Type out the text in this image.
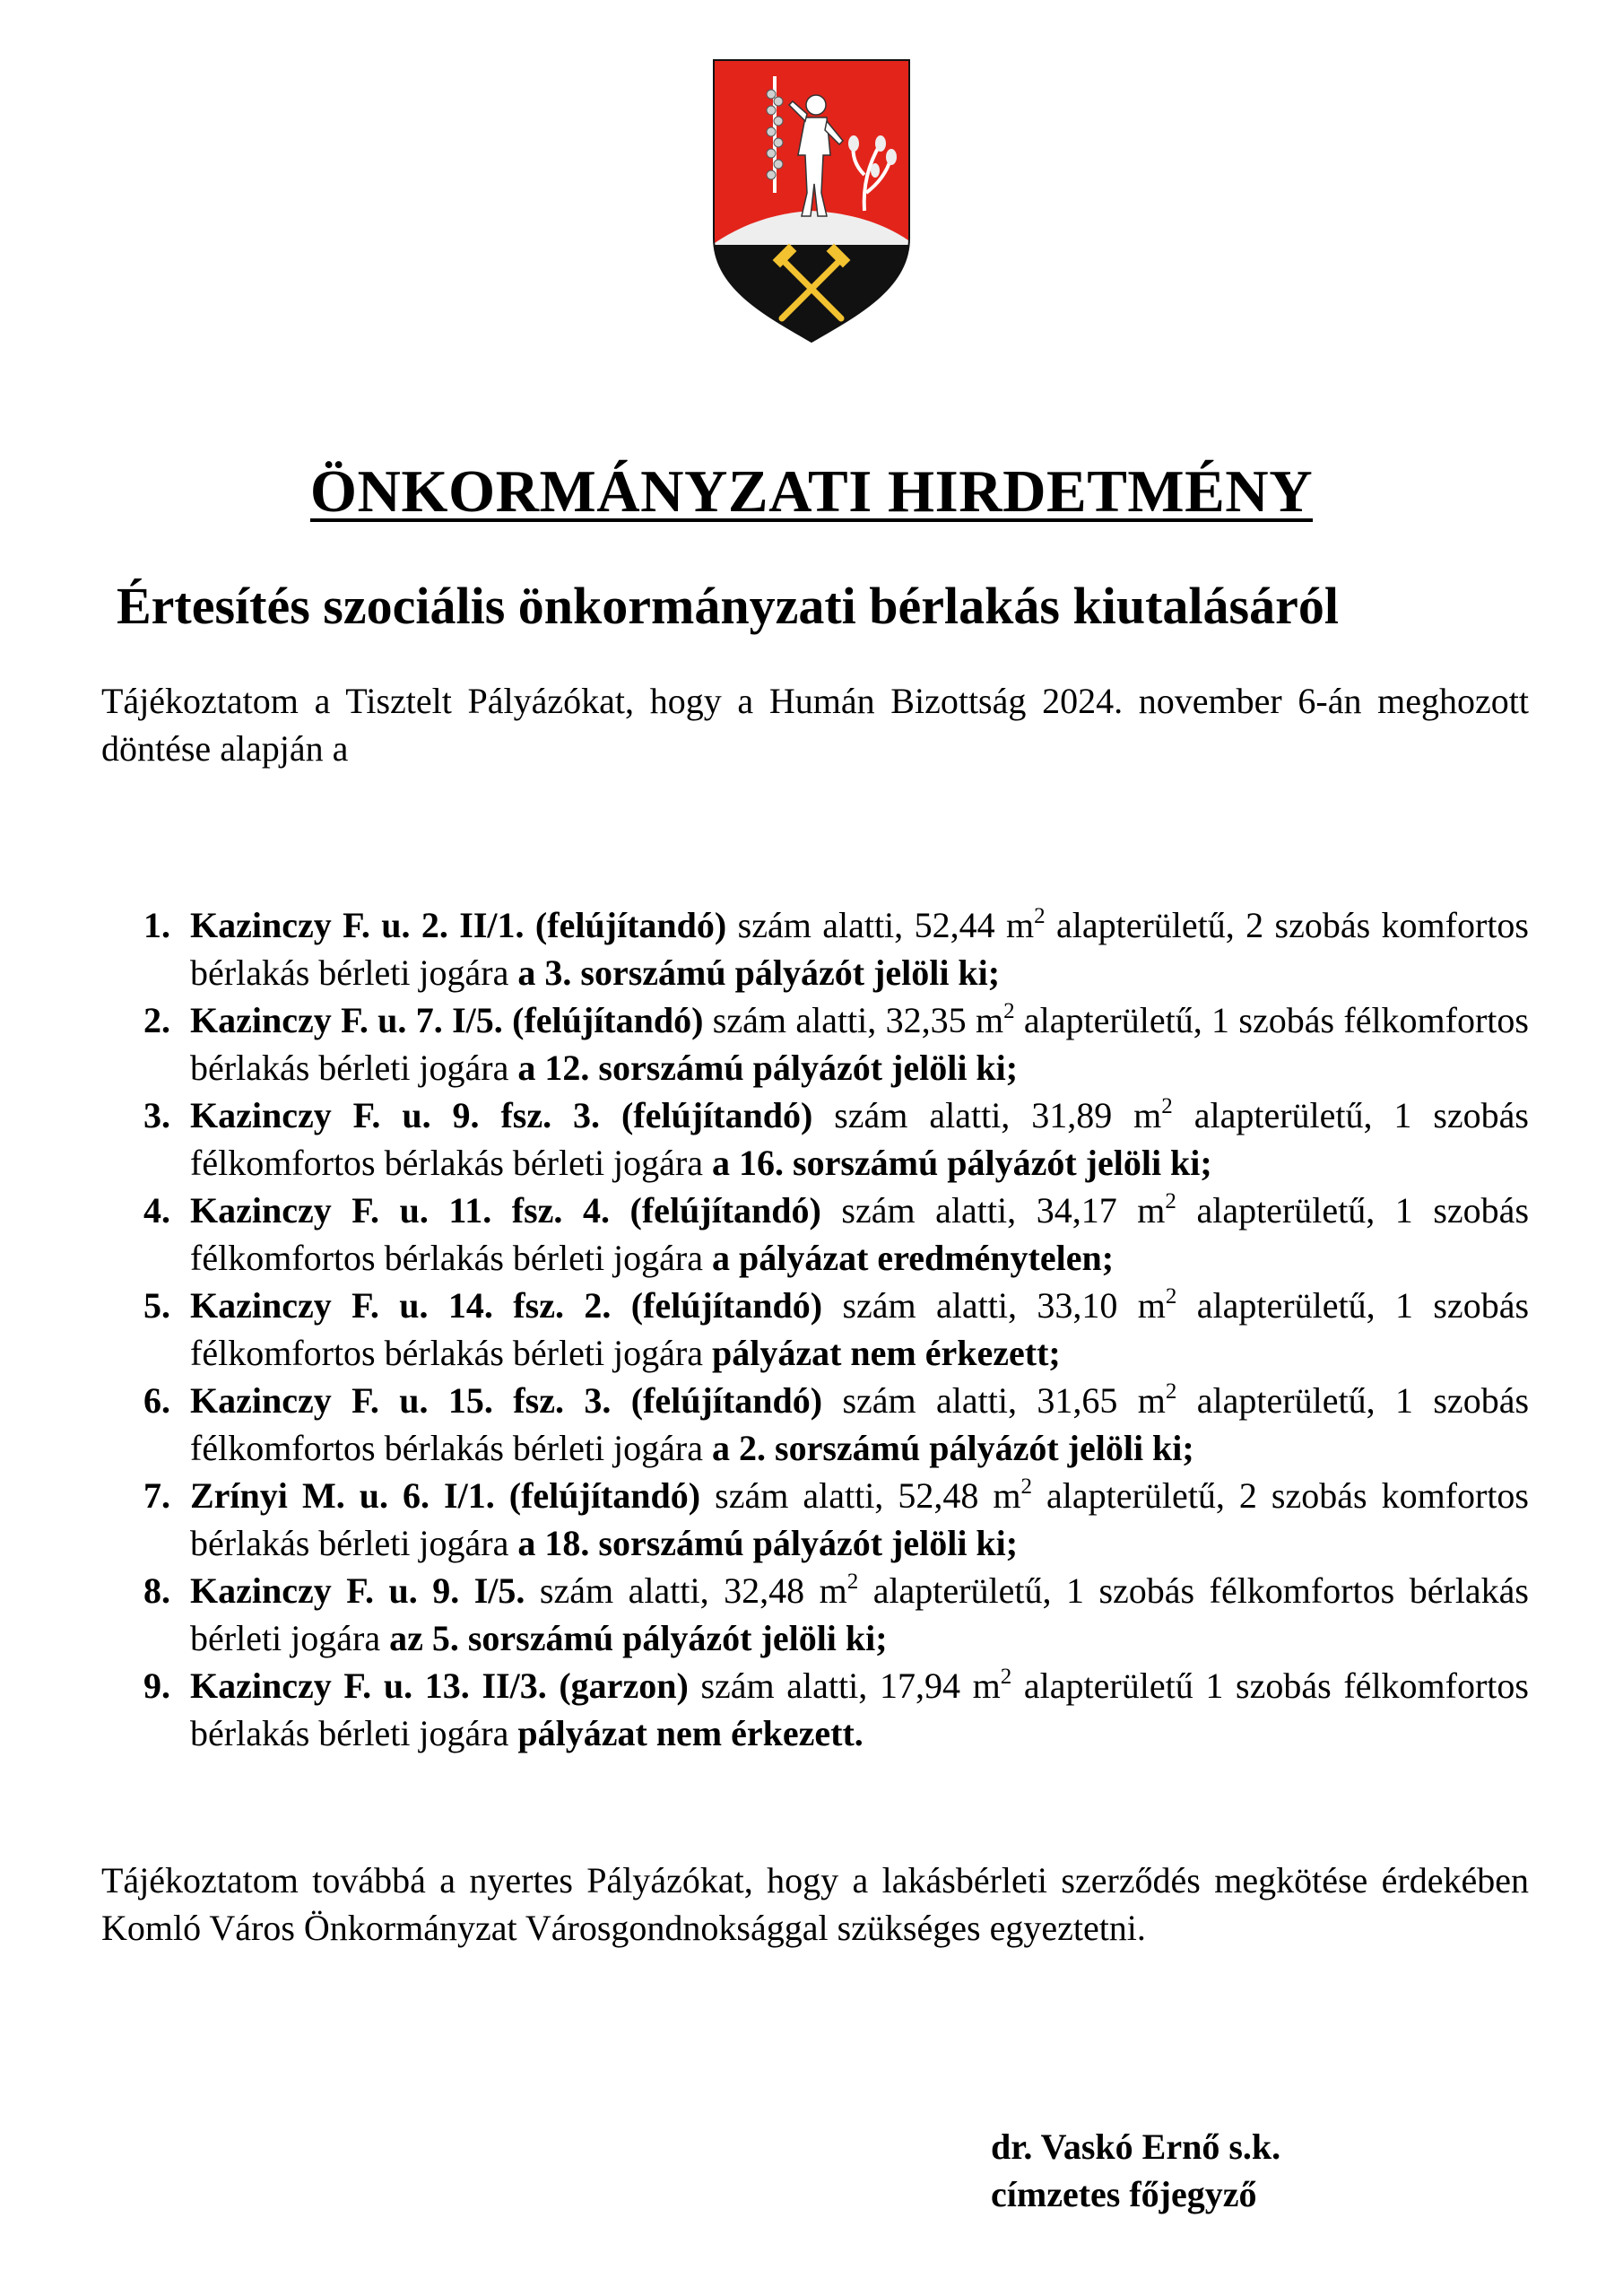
ÖNKORMÁNYZATI HIRDETMÉNY
Értesítés szociális önkormányzati bérlakás kiutalásáról

Tájékoztatom a Tisztelt Pályázókat, hogy a Humán Bizottság 2024. november 6-án meghozott döntése alapján a

1. Kazinczy F. u. 2. II/1. (felújítandó) szám alatti, 52,44 $m^2$ alapterületű, 2 szobás komfortos bérlakás bérleti jogára a 3. sorszámú pályázót jelöli ki;
2. Kazinczy F. u. 7. I/5. (felújítandó) szám alatti, 32,35 $m^2$ alapterületű, 1 szobás félkomfortos bérlakás bérleti jogára a 12. sorszámú pályázót jelöli ki;
3. Kazinczy F. u. 9. fsz. 3. (felújítandó) szám alatti, 31,89 $m^2$ alapterületű, 1 szobás félkomfortos bérlakás bérleti jogára a 16. sorszámú pályázót jelöli ki;
4. Kazinczy F. u. 11. fsz. 4. (felújítandó) szám alatti, 34,17 $m^2$ alapterületű, 1 szobás félkomfortos bérlakás bérleti jogára a pályázat eredménytelen;
5. Kazinczy F. u. 14. fsz. 2. (felújítandó) szám alatti, 33,10 $m^2$ alapterületű, 1 szobás félkomfortos bérlakás bérleti jogára pályázat nem érkezett;
6. Kazinczy F. u. 15. fsz. 3. (felújítandó) szám alatti, 31,65 $m^2$ alapterületű, 1 szobás félkomfortos bérlakás bérleti jogára a 2. sorszámú pályázót jelöli ki;
7. Zrínyi M. u. 6. I/1. (felújítandó) szám alatti, 52,48 $m^2$ alapterületű, 2 szobás komfortos bérlakás bérleti jogára a 18. sorszámú pályázót jelöli ki;
8. Kazinczy F. u. 9. I/5. szám alatti, 32,48 $m^2$ alapterületű, 1 szobás félkomfortos bérlakás bérleti jogára az 5. sorszámú pályázót jelöli ki;
9. Kazinczy F. u. 13. II/3. (garzon) szám alatti, 17,94 $m^2$ alapterületű 1 szobás félkomfortos bérlakás bérleti jogára pályázat nem érkezett.

Tájékoztatom továbbá a nyertes Pályázókat, hogy a lakásbérleti szerződés megkötése érdekében Komló Város Önkormányzat Városgondnoksággal szükséges egyeztetni.

dr. Vaskó Ernő s.k.
címzetes főjegyző
